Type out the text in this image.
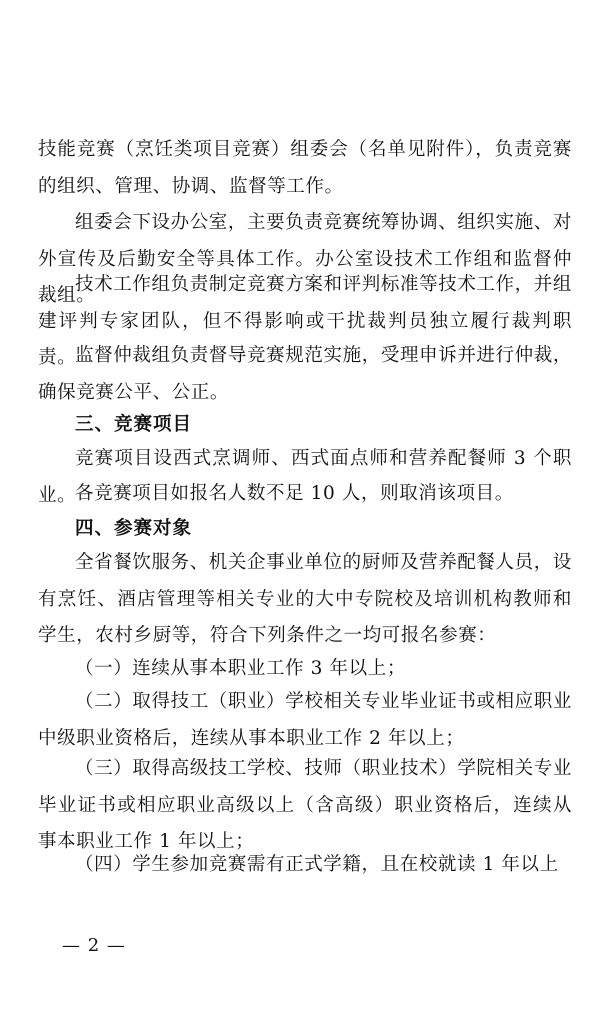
技能竞赛（烹饪类项目竞赛）组委会（名单见附件），负责竞赛的组织、管理、协调、监督等工作。

组委会下设办公室，主要负责竞赛统筹协调、组织实施、对外宣传及后勤安全等具体工作。办公室设技术工作组和监督仲裁组。

技术工作组负责制定竞赛方案和评判标准等技术工作，并组建评判专家团队，但不得影响或干扰裁判员独立履行裁判职责。

监督仲裁组负责督导竞赛规范实施，受理申诉并进行仲裁，确保竞赛公平、公正。

三、竞赛项目

竞赛项目设西式烹调师、西式面点师和营养配餐师 3 个职业。

各竞赛项目如报名人数不足 10 人，则取消该项目。

四、参赛对象

全省餐饮服务、机关企事业单位的厨师及营养配餐人员，设有烹饪、酒店管理等相关专业的大中专院校及培训机构教师和学生，农村乡厨等，符合下列条件之一均可报名参赛：

（一）连续从事本职业工作 3 年以上；

（二）取得技工（职业）学校相关专业毕业证书或相应职业中级职业资格后，连续从事本职业工作 2 年以上；

（三）取得高级技工学校、技师（职业技术）学院相关专业毕业证书或相应职业高级以上（含高级）职业资格后，连续从事本职业工作 1 年以上；

（四）学生参加竞赛需有正式学籍，且在校就读 1 年以上

— 2 —
